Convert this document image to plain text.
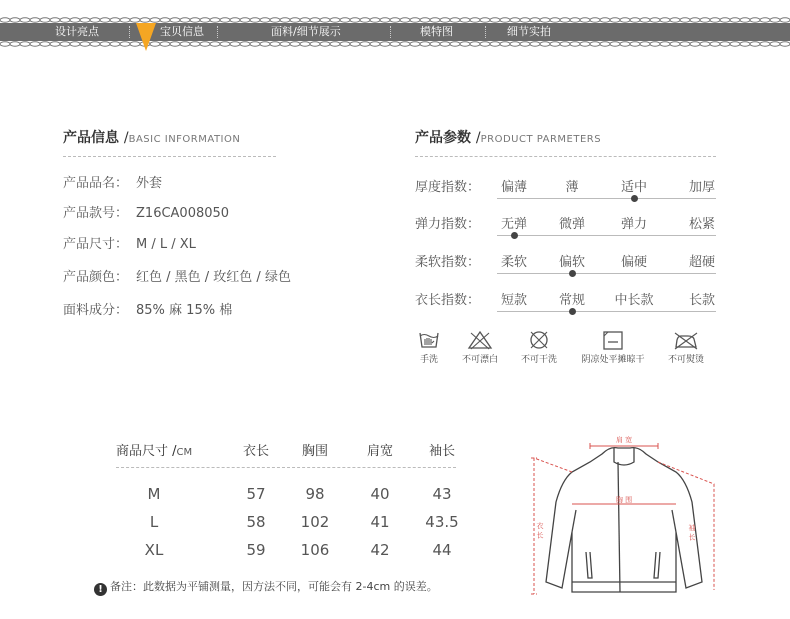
设计亮点	宝贝信息	面料/细节展示	模特图	细节实拍
产品信息 /BASIC INFORMATION
产品品名： 外套
产品款号： Z16CA008050
产品尺寸： M / L / XL
产品颜色： 红色 / 黑色 / 玫红色 / 绿色
面料成分： 85% 麻 15% 棉
产品参数 /PRODUCT PARMETERS
厚度指数：	偏薄	薄	适中	加厚
弹力指数：	无弹	微弹	弹力	松紧
柔软指数：	柔软	偏软	偏硬	超硬
衣长指数：	短款	常规	中长款	长款
手洗	不可漂白	不可干洗	阴凉处平摊晾干	不可熨烫
商品尺寸 /CM	衣长	胸围	肩宽	袖长
M	57	98	40	43
L	58	102	41	43.5
XL	59	106	42	44
! 备注：此数据为平铺测量，因方法不同，可能会有 2-4cm 的误差。
肩 宽
胸 围
衣 长	袖 长
